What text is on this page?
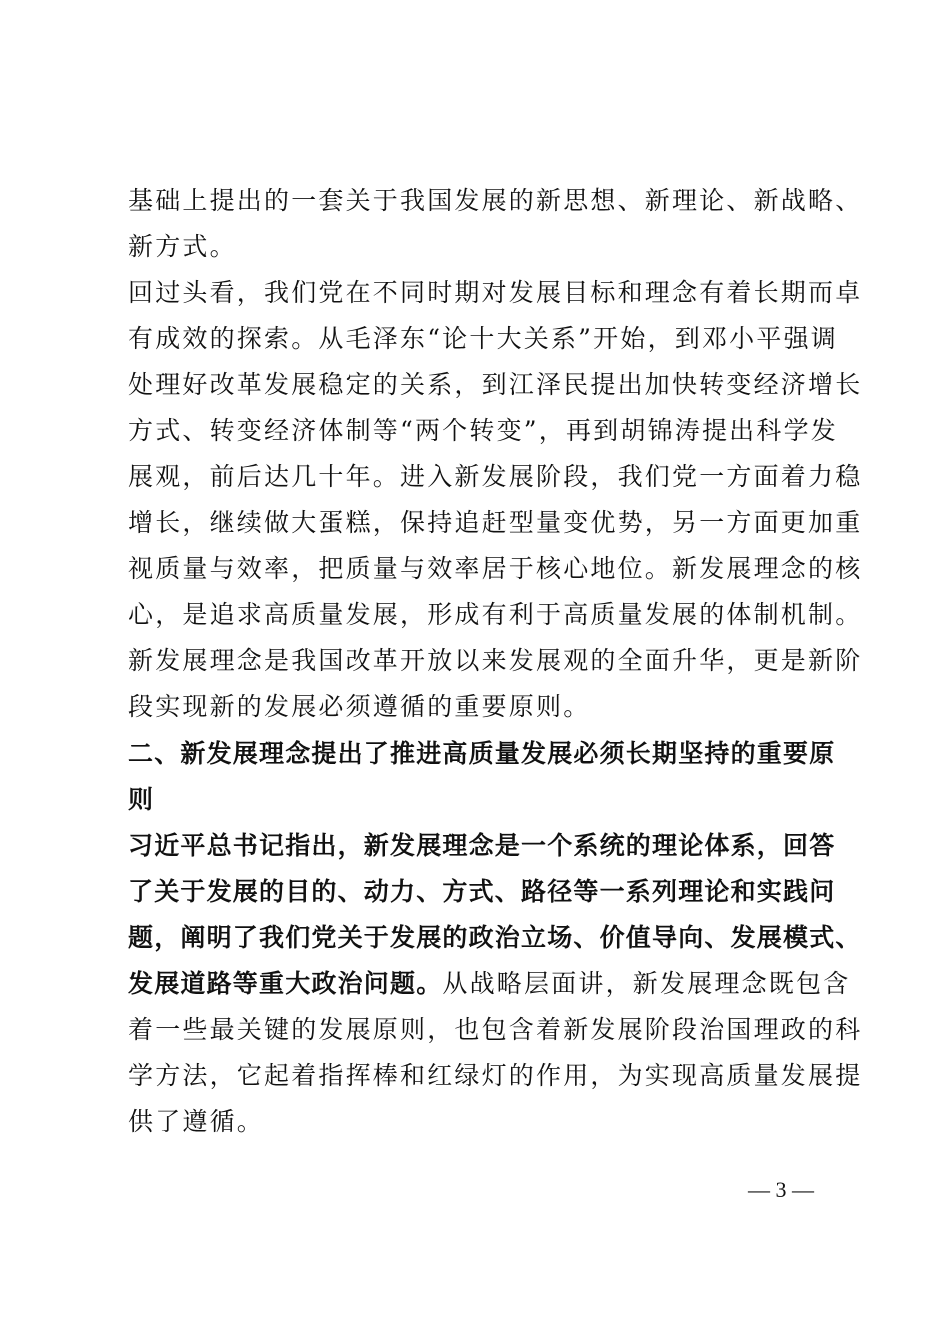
基础上提出的一套关于我国发展的新思想、新理论、新战略、
新方式。
回过头看，我们党在不同时期对发展目标和理念有着长期而卓
有成效的探索。从毛泽东“论十大关系”开始，到邓小平强调
处理好改革发展稳定的关系，到江泽民提出加快转变经济增长
方式、转变经济体制等“两个转变”，再到胡锦涛提出科学发
展观，前后达几十年。进入新发展阶段，我们党一方面着力稳
增长，继续做大蛋糕，保持追赶型量变优势，另一方面更加重
视质量与效率，把质量与效率居于核心地位。新发展理念的核
心，是追求高质量发展，形成有利于高质量发展的体制机制。
新发展理念是我国改革开放以来发展观的全面升华，更是新阶
段实现新的发展必须遵循的重要原则。
二、新发展理念提出了推进高质量发展必须长期坚持的重要原
则
习近平总书记指出，新发展理念是一个系统的理论体系，回答
了关于发展的目的、动力、方式、路径等一系列理论和实践问
题，阐明了我们党关于发展的政治立场、价值导向、发展模式、
发展道路等重大政治问题。从战略层面讲，新发展理念既包含
着一些最关键的发展原则，也包含着新发展阶段治国理政的科
学方法，它起着指挥棒和红绿灯的作用，为实现高质量发展提
供了遵循。
— 3 —
